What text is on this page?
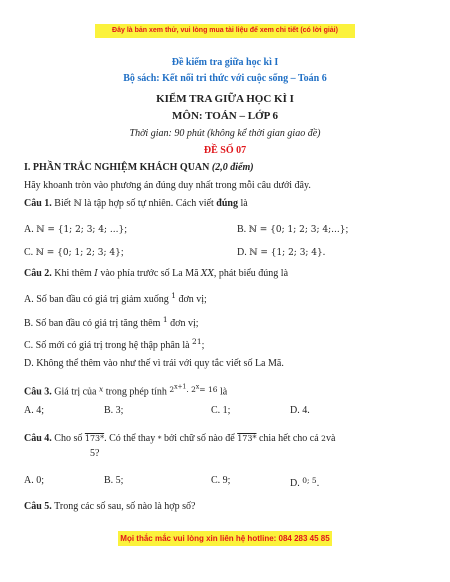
Đây là bản xem thử, vui lòng mua tài liệu để xem chi tiết (có lời giải)
Đề kiểm tra giữa học kì I
Bộ sách: Kết nối tri thức với cuộc sống – Toán 6
KIỂM TRA GIỮA HỌC KÌ I
MÔN: TOÁN – LỚP 6
Thời gian: 90 phút (không kể thời gian giao đề)
ĐỀ SỐ 07
I. PHẦN TRẮC NGHIỆM KHÁCH QUAN (2,0 điểm)
Hãy khoanh tròn vào phương án đúng duy nhất trong mỗi câu dưới đây.
Câu 1. Biết ℕ là tập hợp số tự nhiên. Cách viết đúng là
A. ℕ = {1; 2; 3; 4; ...};	B. ℕ = {0; 1; 2; 3; 4;...};
C. ℕ = {0; 1; 2; 3; 4};	D. ℕ = {1; 2; 3; 4}.
Câu 2. Khi thêm I vào phía trước số La Mã XX, phát biểu đúng là
A. Số ban đầu có giá trị giảm xuống $^1$ đơn vị;
B. Số ban đầu có giá trị tăng thêm $^1$ đơn vị;
C. Số mới có giá trị trong hệ thập phân là $^{21}$;
D. Không thể thêm vào như thế vì trái với quy tắc viết số La Mã.
Câu 3. Giá trị của $^x$ trong phép tính $^{2^{x+1}. 2^x= 16}$ là
A. 4;	B. 3;	C. 1;	D. 4.
Câu 4. Cho số 173*. Có thể thay * bởi chữ số nào để 173* chia hết cho cả 2và
5?
A. 0;	B. 5;	C. 9;	D. $^{0; 5}$.
Câu 5. Trong các số sau, số nào là hợp số?
Mọi thắc mắc vui lòng xin liên hệ hotline: 084 283 45 85
